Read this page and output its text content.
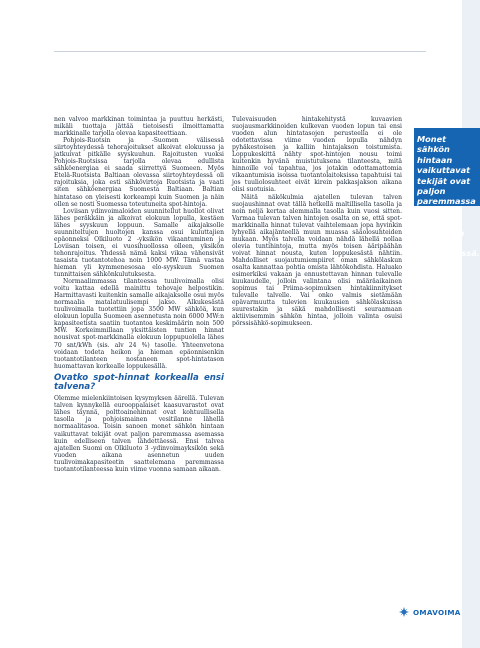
nen valvoo markkinan toimintaa ja puuttuu herkästi, mikäli tuottaja jättää tietoisesti ilmoittamatta markkinalle tarjolla olevaa kapasiteettiaan.

Pohjois-Ruotsin ja -Suomen välisessä siirtoyhteydessä tehorajoitukset alkoivat elokuussa ja jatkuivat pitkälle syyskuuhun. Rajoitusten vuoksi Pohjois-Ruotsissa tarjolla olevaa edullista sähköenergiaa ei saada siirrettyä Suomeen. Myös Etelä-Ruotsista Baltiaan olevassa siirtoyhteydessä oli rajoituksia, joka esti sähkövirtoja Ruotsista ja vaati siten sähköenergiaa Suomesta Baltiaan. Baltian hintataso on yleisesti korkeampi kuin Suomen ja näin ollen se nosti Suomessa toteutuneita spot-hintoja.

Loviisan ydinvoimaloiden suunnitellut huollot olivat lähes peräkkäin ja alkoivat elokuun lopulla, kestäen lähes syyskuun loppuun. Samalle aikajaksolle suunniteltujen huoltojen kanssa osui kuluttajien epäonneksi Olkiluoto 2 -yksikön vikaantuminen ja Loviisan toisen, ei vuosihuollossa olleen, yksikön tehonrajoitus. Yhdessä nämä kaksi vikaa vähensivät tasaista tuotantotehoa noin 1000 MW. Tämä vastaa hieman yli kymmenesosaa elo-syyskuun Suomen tunnittaisen sähkönkulutuksesta.

Normaalimmassa tilanteessa tuulivoimalla olisi voitu kattaa edellä mainittu tehovaje helpostikin. Harmittavasti kuitenkin samalle aikajaksolle osui myös normaalia matalatuulisempi jakso. Alkukesästä tuulivoimalla tuotettiin jopa 3500 MW sähköä, kun elokuun lopulla Suomeen asennetusta noin 6000 MW:n kapasiteetista saatiin tuotantoa keskimäärin noin 500 MW. Korkeimmillaan yksittäisten tuntien hinnat nousivat spot-markkinalla elokuun loppupuolella lähes 70 snt/kWh (sis. alv 24 %) tasolle. Yhteenvetona voidaan todeta heikon ja hieman epäonnisenkin tuotantotilanteen nostaneen spot-hintatason huomattavan korkealle loppukesällä.

Ovatko spot-hinnat korkealla ensi talvena?

Olemme mielenkiintoisen kysymyksen äärellä. Tulevan talven kynnykellä eurooppalaiset kaasuvarastot ovat lähes täynnä, polttoainehinnat ovat kohtuullisella tasolla ja pohjoismainen vesitilanne lähellä normaalitasoa. Toisin sanoen monet sähkön hintaan vaikuttavat tekijät ovat paljon paremmassa asemassa kuin edelliseen talven lähdettäessä. Ensi talvea ajatellen Suomi on Olkiluoto 3 -ydinvoimayksikön sekä vuoden aikana asennetun uuden tuulivoimakapasiteetin saattelemana paremmassa tuotantotilanteessa kuin viime vuonna samaan aikaan.

Tulevaisuuden hintakehitystä kuvaavien suojausmarkkinoiden kulkevan vuoden lopun tai ensi vuoden alun hintatasojen perusteella ei ole odotettavissa viime vuoden lopulla nähdyn pyhäkestoisen ja kalliin hintajakson toistumista. Loppukeskittä nähty spot-hintojen nousu toimi kuitenkin hyvänä muistutuksena tilanteesta, mitä hinnoille voi tapahtua, jos jotakin odottamattomia vikaantumisia isoissa tuotantolaitoksissa tapahtuisi tai jos tuuliolosuhteet eivät kirein pakkasjakson aikana olisi suotuisia.

Näitä näkökulmia ajatellen tulevan talven suojaushinnat ovat tällä hetkellä maltillisella tasolla ja noin neljä kertaa alemmalla tasolla kuin vuosi sitten. Varmaa tulevan talven hintojen osalta on se, että spot-markkinalla hinnat tulevat vaihtelemaan jopa hyvinkin lyhyellä aikajänteellä muun muassa sääolosuhteiden mukaan. Myös talvella voidaan nähdä lähellä nollaa olevia tuntihintoja, mutta myös toisen ääripäähän voivat hinnat nousta, kuten loppukesästä nähtiin. Mahdolliset suojautumiempiiret oman sähkölaskun osalta kannattaa pohtia omista lähtökohdista. Haluako esimerkiksi vakaan ja ennustettavan hinnan tulevalle kuukaudelle, jolloin valintana olisi määräaikainen sopimus tai Priima-sopimuksen hintakiinnitykset tulevalle talvelle. Vai onko valmis sietämään epävarmuutta tulevien kuukausien sähkölaskuissa suurestakin ja säkä mahdollisesti seuraamaan aktiivisemmin sähkön hintaa, jolloin valinta osuisi pörssisähkö-sopimukseen.

Monet sähkön hintaan vaikuttavat tekijät ovat paljon paremmassa asemassa kuin edelliseen talveen lähdettäessä.
OMAVOIMA
